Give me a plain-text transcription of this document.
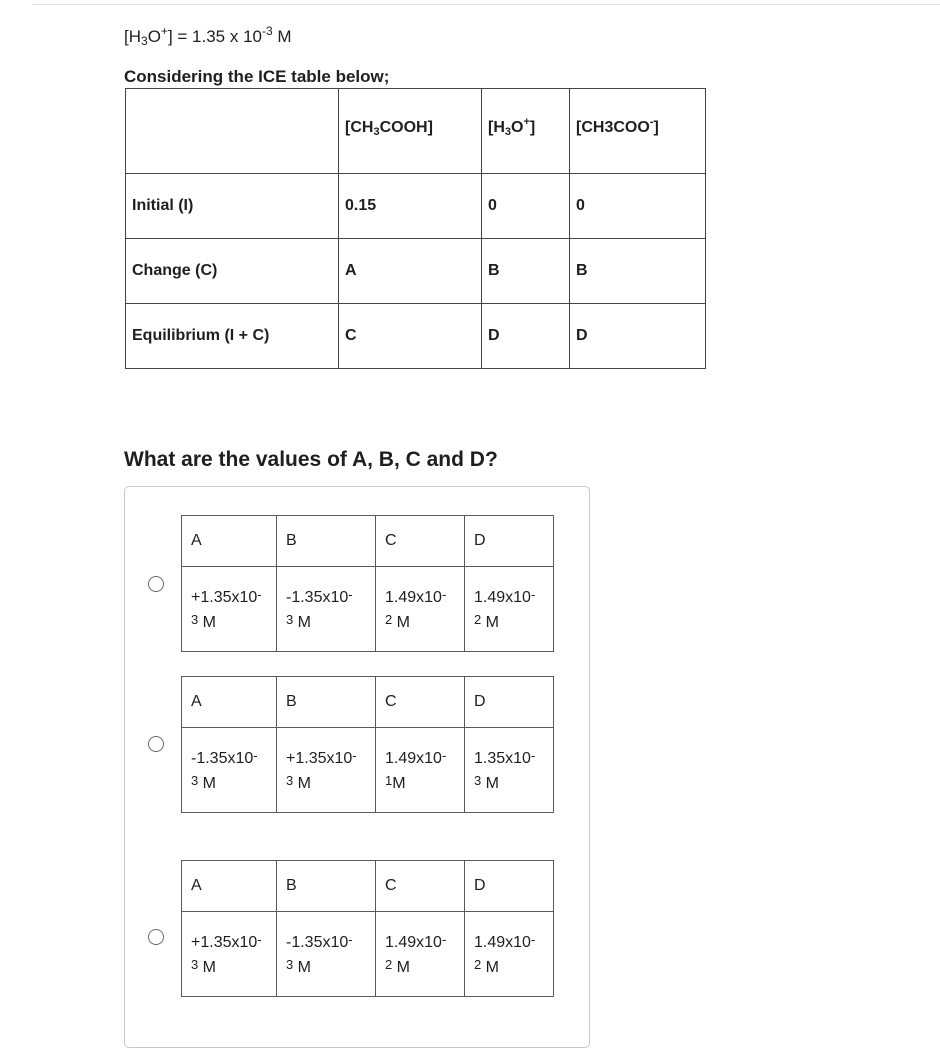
$[H_3O^+] = 1.35$ x $10^{-3}$ M
Considering the ICE table below;
	$[CH_3COOH]$	$[H_3O^+]$	[CH3COO-]
Initial (I)	0.15	0	0
Change (C)	A	B	B
Equilibrium (I + C)	C	D	D
What are the values of A, B, C and D?
A	B	C	D
+1.35x10-
3 M	-1.35x10-
3 M	1.49x10-
2 M	1.49x10-
2 M
A	B	C	D
-1.35x10-
3 M	+1.35x10-
3 M	1.49x10-
1M	1.35x10-
3 M
A	B	C	D
+1.35x10-
3 M	-1.35x10-
3 M	1.49x10-
2 M	1.49x10-
2 M
